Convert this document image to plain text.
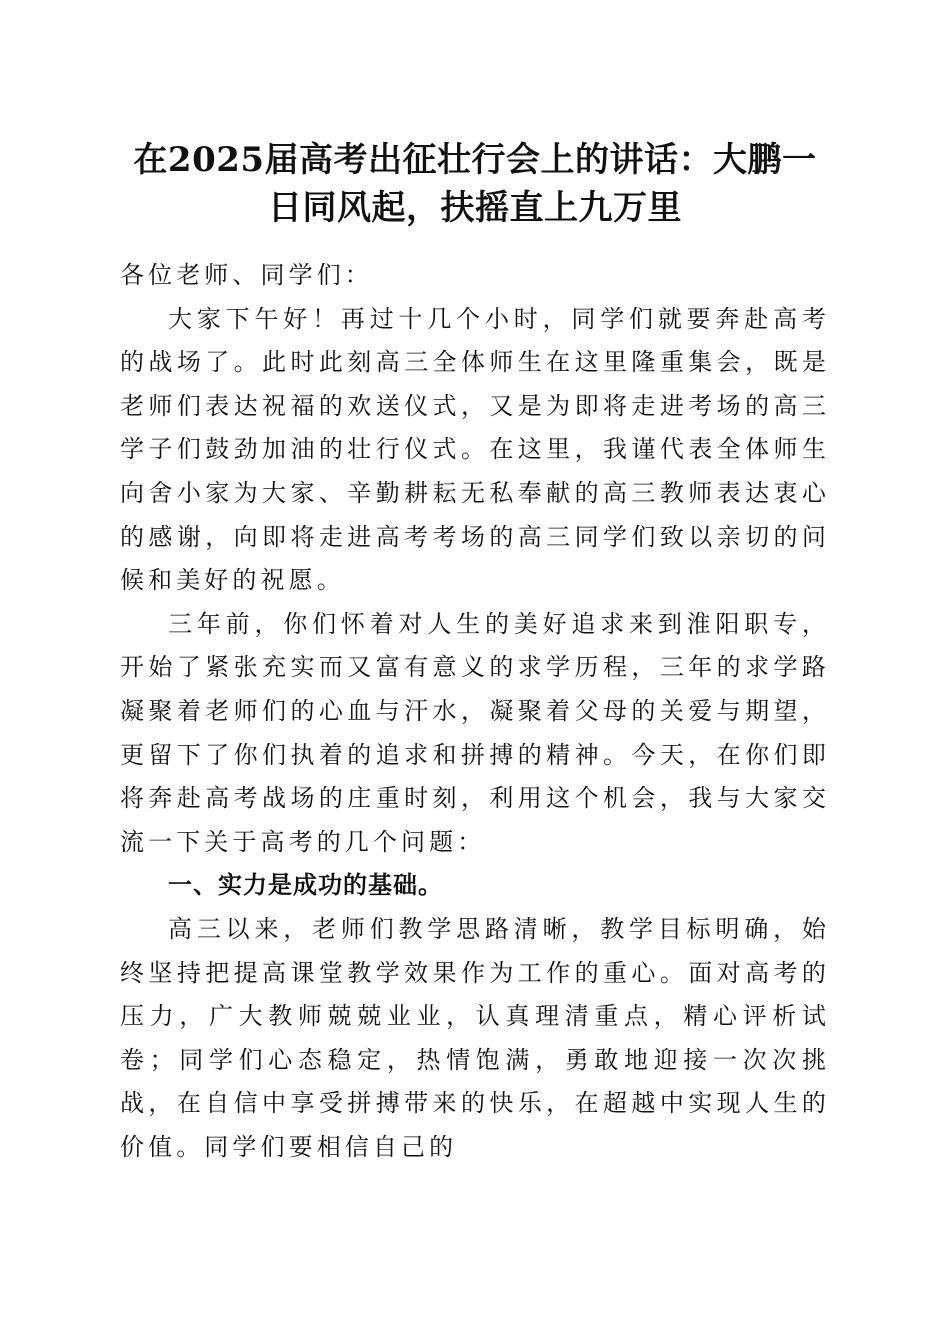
在2025届高考出征壮行会上的讲话：大鹏一
日同风起，扶摇直上九万里

各位老师、同学们：

大家下午好！再过十几个小时，同学们就要奔赴高考的战场了。此时此刻高三全体师生在这里隆重集会，既是老师们表达祝福的欢送仪式，又是为即将走进考场的高三学子们鼓劲加油的壮行仪式。在这里，我谨代表全体师生向舍小家为大家、辛勤耕耘无私奉献的高三教师表达衷心的感谢，向即将走进高考考场的高三同学们致以亲切的问候和美好的祝愿。

三年前，你们怀着对人生的美好追求来到淮阳职专，开始了紧张充实而又富有意义的求学历程，三年的求学路凝聚着老师们的心血与汗水，凝聚着父母的关爱与期望，更留下了你们执着的追求和拼搏的精神。今天，在你们即将奔赴高考战场的庄重时刻，利用这个机会，我与大家交流一下关于高考的几个问题：

一、实力是成功的基础。

高三以来，老师们教学思路清晰，教学目标明确，始终坚持把提高课堂教学效果作为工作的重心。面对高考的压力，广大教师兢兢业业，认真理清重点，精心评析试卷；同学们心态稳定，热情饱满，勇敢地迎接一次次挑战，在自信中享受拼搏带来的快乐，在超越中实现人生的价值。同学们要相信自己的
